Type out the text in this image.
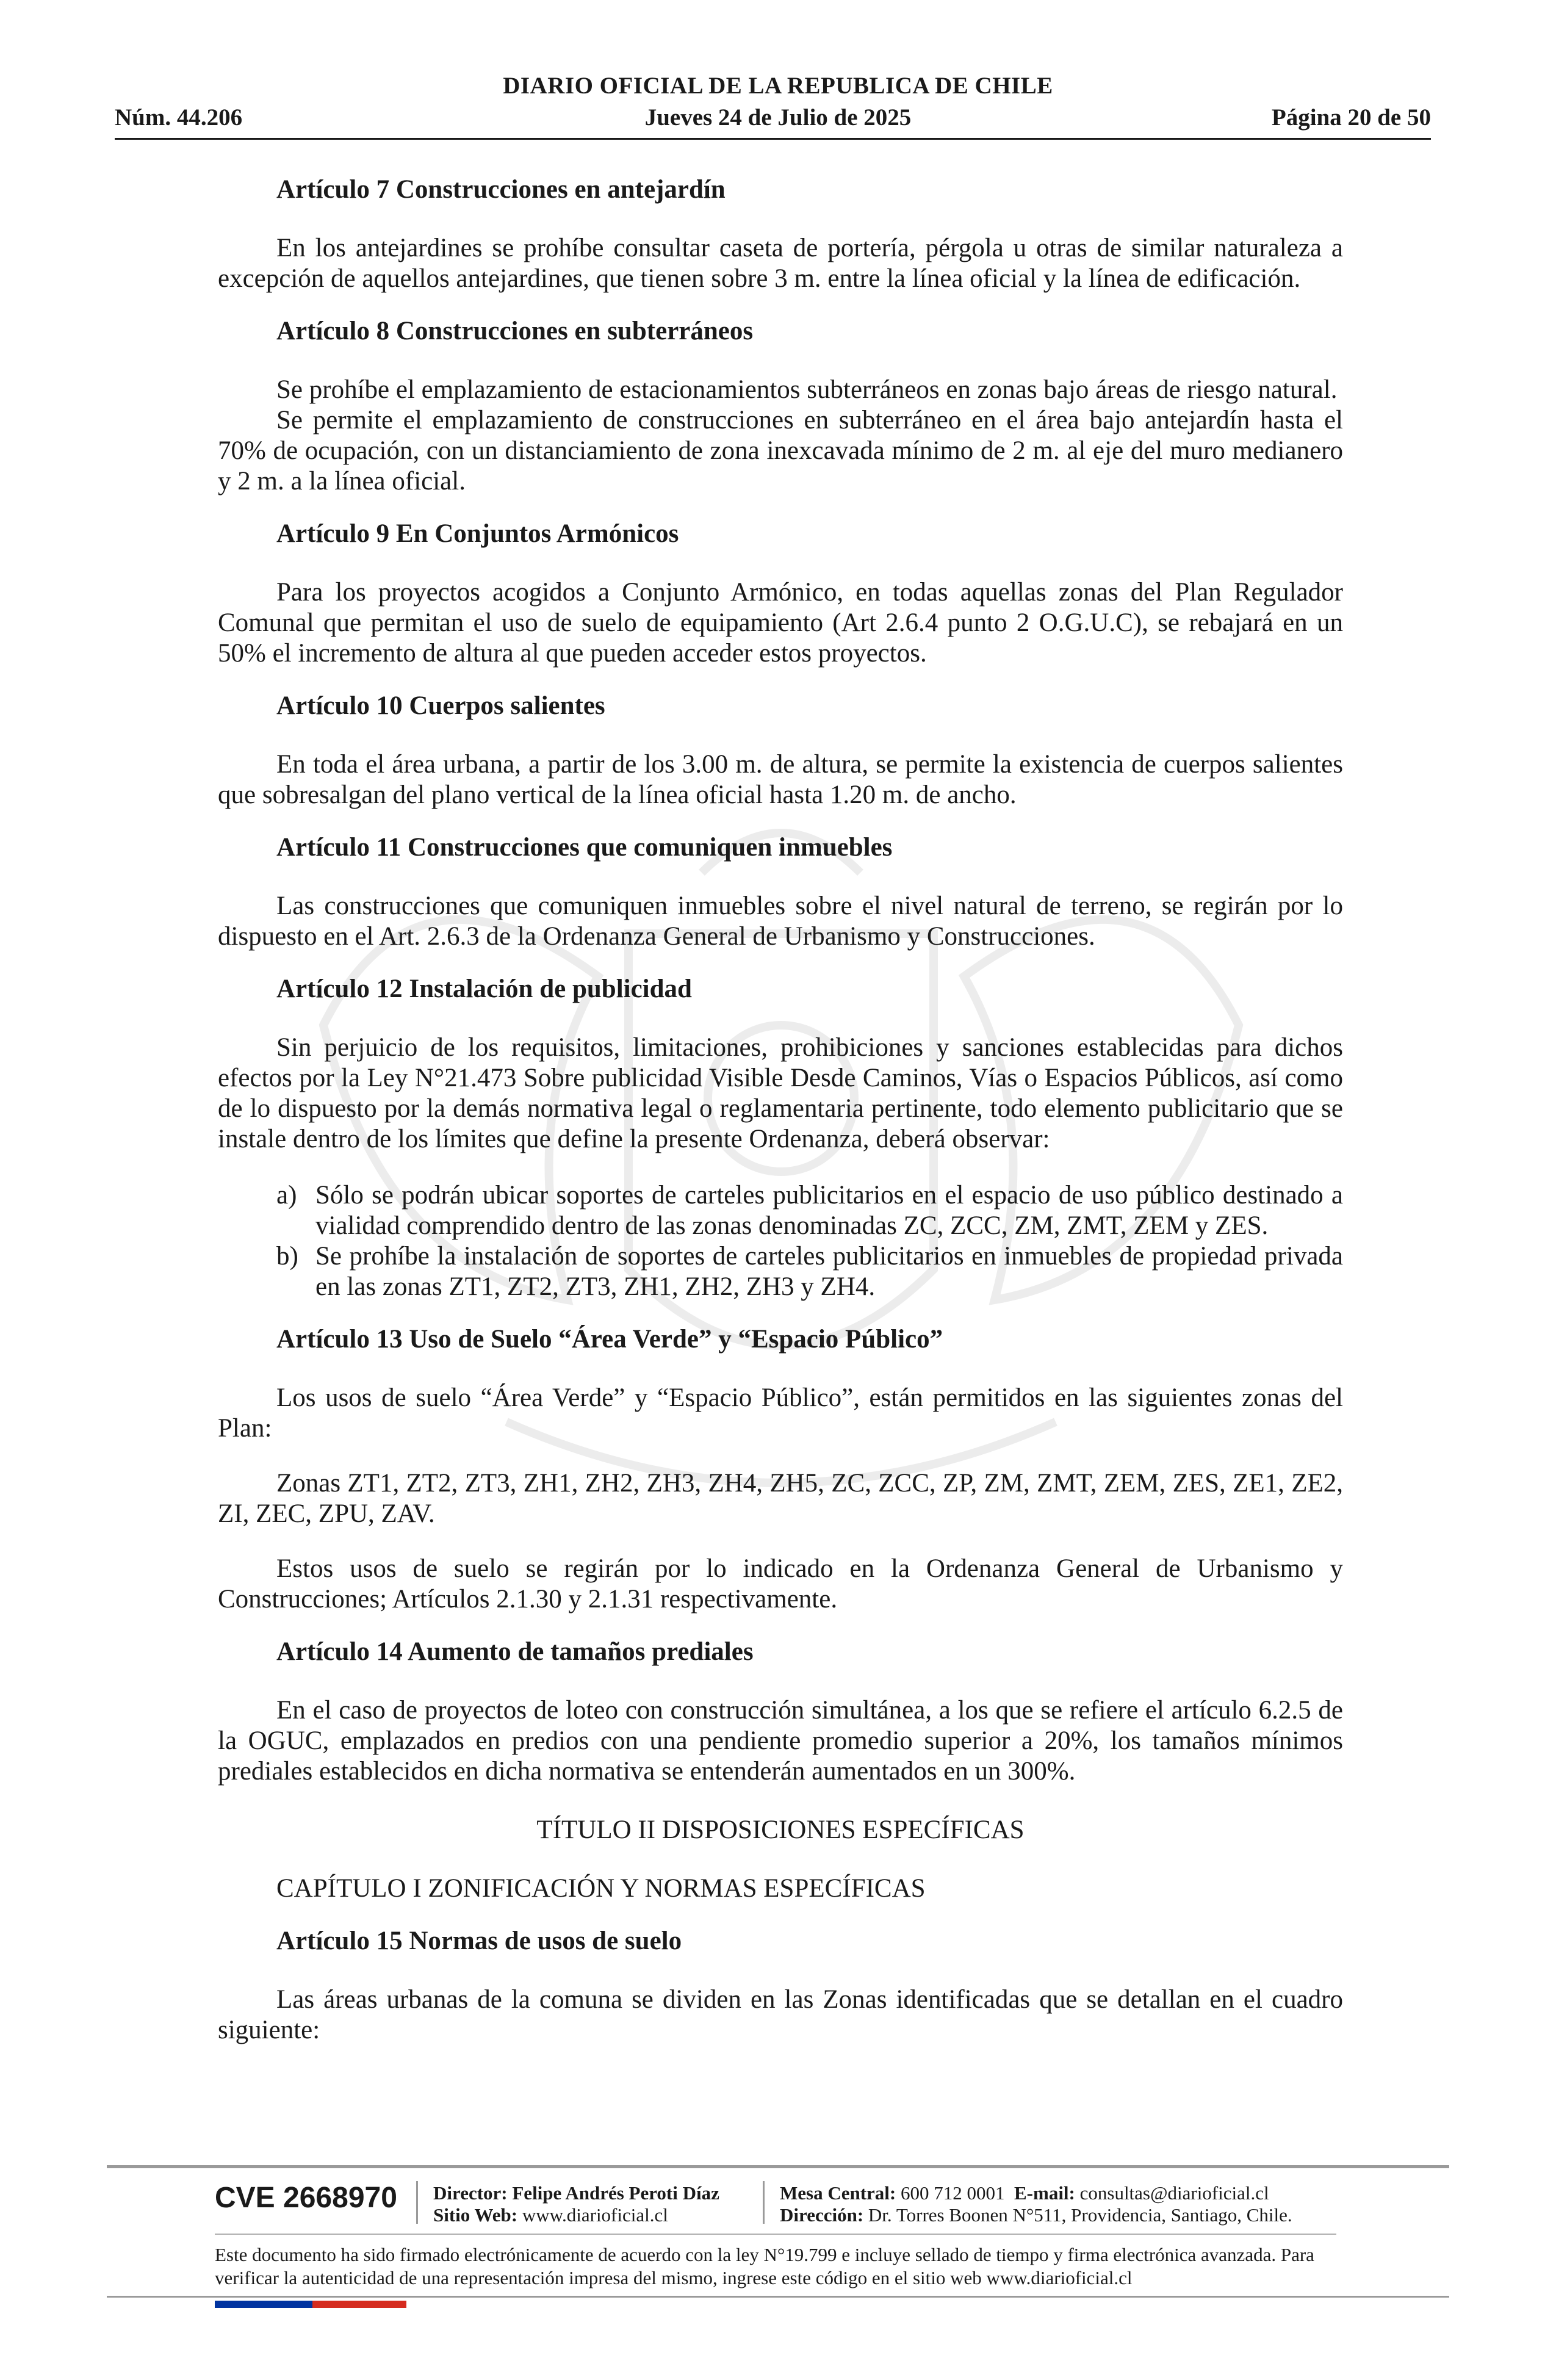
DIARIO OFICIAL DE LA REPUBLICA DE CHILE
Núm. 44.206	Jueves 24 de Julio de 2025	Página 20 de 50

Artículo 7 Construcciones en antejardín

En los antejardines se prohíbe consultar caseta de portería, pérgola u otras de similar naturaleza a excepción de aquellos antejardines, que tienen sobre 3 m. entre la línea oficial y la línea de edificación.

Artículo 8 Construcciones en subterráneos

Se prohíbe el emplazamiento de estacionamientos subterráneos en zonas bajo áreas de riesgo natural.

Se permite el emplazamiento de construcciones en subterráneo en el área bajo antejardín hasta el 70% de ocupación, con un distanciamiento de zona inexcavada mínimo de 2 m. al eje del muro medianero y 2 m. a la línea oficial.

Artículo 9 En Conjuntos Armónicos

Para los proyectos acogidos a Conjunto Armónico, en todas aquellas zonas del Plan Regulador Comunal que permitan el uso de suelo de equipamiento (Art 2.6.4 punto 2 O.G.U.C), se rebajará en un 50% el incremento de altura al que pueden acceder estos proyectos.

Artículo 10 Cuerpos salientes

En toda el área urbana, a partir de los 3.00 m. de altura, se permite la existencia de cuerpos salientes que sobresalgan del plano vertical de la línea oficial hasta 1.20 m. de ancho.

Artículo 11 Construcciones que comuniquen inmuebles

Las construcciones que comuniquen inmuebles sobre el nivel natural de terreno, se regirán por lo dispuesto en el Art. 2.6.3 de la Ordenanza General de Urbanismo y Construcciones.

Artículo 12 Instalación de publicidad

Sin perjuicio de los requisitos, limitaciones, prohibiciones y sanciones establecidas para dichos efectos por la Ley N°21.473 Sobre publicidad Visible Desde Caminos, Vías o Espacios Públicos, así como de lo dispuesto por la demás normativa legal o reglamentaria pertinente, todo elemento publicitario que se instale dentro de los límites que define la presente Ordenanza, deberá observar:

a) Sólo se podrán ubicar soportes de carteles publicitarios en el espacio de uso público destinado a vialidad comprendido dentro de las zonas denominadas ZC, ZCC, ZM, ZMT, ZEM y ZES.
b) Se prohíbe la instalación de soportes de carteles publicitarios en inmuebles de propiedad privada en las zonas ZT1, ZT2, ZT3, ZH1, ZH2, ZH3 y ZH4.

Artículo 13 Uso de Suelo “Área Verde” y “Espacio Público”

Los usos de suelo “Área Verde” y “Espacio Público”, están permitidos en las siguientes zonas del Plan:

Zonas ZT1, ZT2, ZT3, ZH1, ZH2, ZH3, ZH4, ZH5, ZC, ZCC, ZP, ZM, ZMT, ZEM, ZES, ZE1, ZE2, ZI, ZEC, ZPU, ZAV.

Estos usos de suelo se regirán por lo indicado en la Ordenanza General de Urbanismo y Construcciones; Artículos 2.1.30 y 2.1.31 respectivamente.

Artículo 14 Aumento de tamaños prediales

En el caso de proyectos de loteo con construcción simultánea, a los que se refiere el artículo 6.2.5 de la OGUC, emplazados en predios con una pendiente promedio superior a 20%, los tamaños mínimos prediales establecidos en dicha normativa se entenderán aumentados en un 300%.

TÍTULO II DISPOSICIONES ESPECÍFICAS

CAPÍTULO I ZONIFICACIÓN Y NORMAS ESPECÍFICAS

Artículo 15 Normas de usos de suelo

Las áreas urbanas de la comuna se dividen en las Zonas identificadas que se detallan en el cuadro siguiente:

CVE 2668970 Director: Felipe Andrés Peroti Díaz
Sitio Web: www.diarioficial.cl
Mesa Central: 600 712 0001 E-mail: consultas@diarioficial.cl
Dirección: Dr. Torres Boonen N°511, Providencia, Santiago, Chile.
Este documento ha sido firmado electrónicamente de acuerdo con la ley N°19.799 e incluye sellado de tiempo y firma electrónica avanzada. Para verificar la autenticidad de una representación impresa del mismo, ingrese este código en el sitio web www.diarioficial.cl
